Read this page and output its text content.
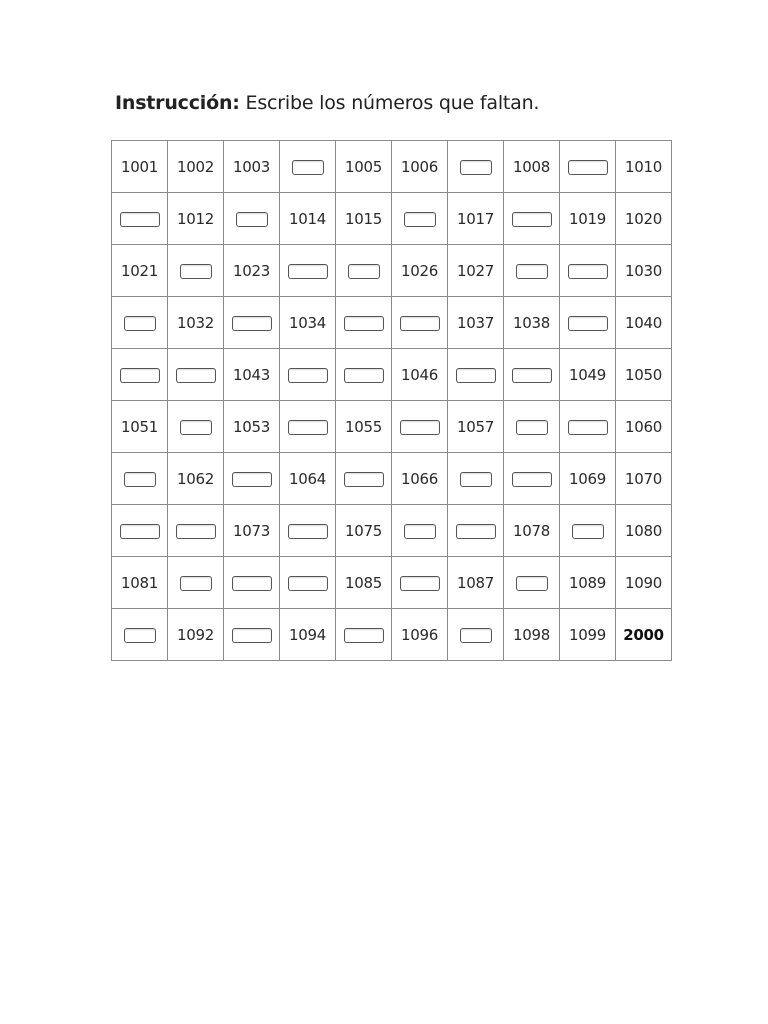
Instrucción: Escribe los números que faltan.
1001	1002	1003		1005	1006		1008		1010
	1012		1014	1015		1017		1019	1020
1021		1023			1026	1027			1030
	1032		1034			1037	1038		1040
		1043			1046			1049	1050
1051		1053		1055		1057			1060
	1062		1064		1066			1069	1070
		1073		1075			1078		1080
1081				1085		1087		1089	1090
	1092		1094		1096		1098	1099	2000
